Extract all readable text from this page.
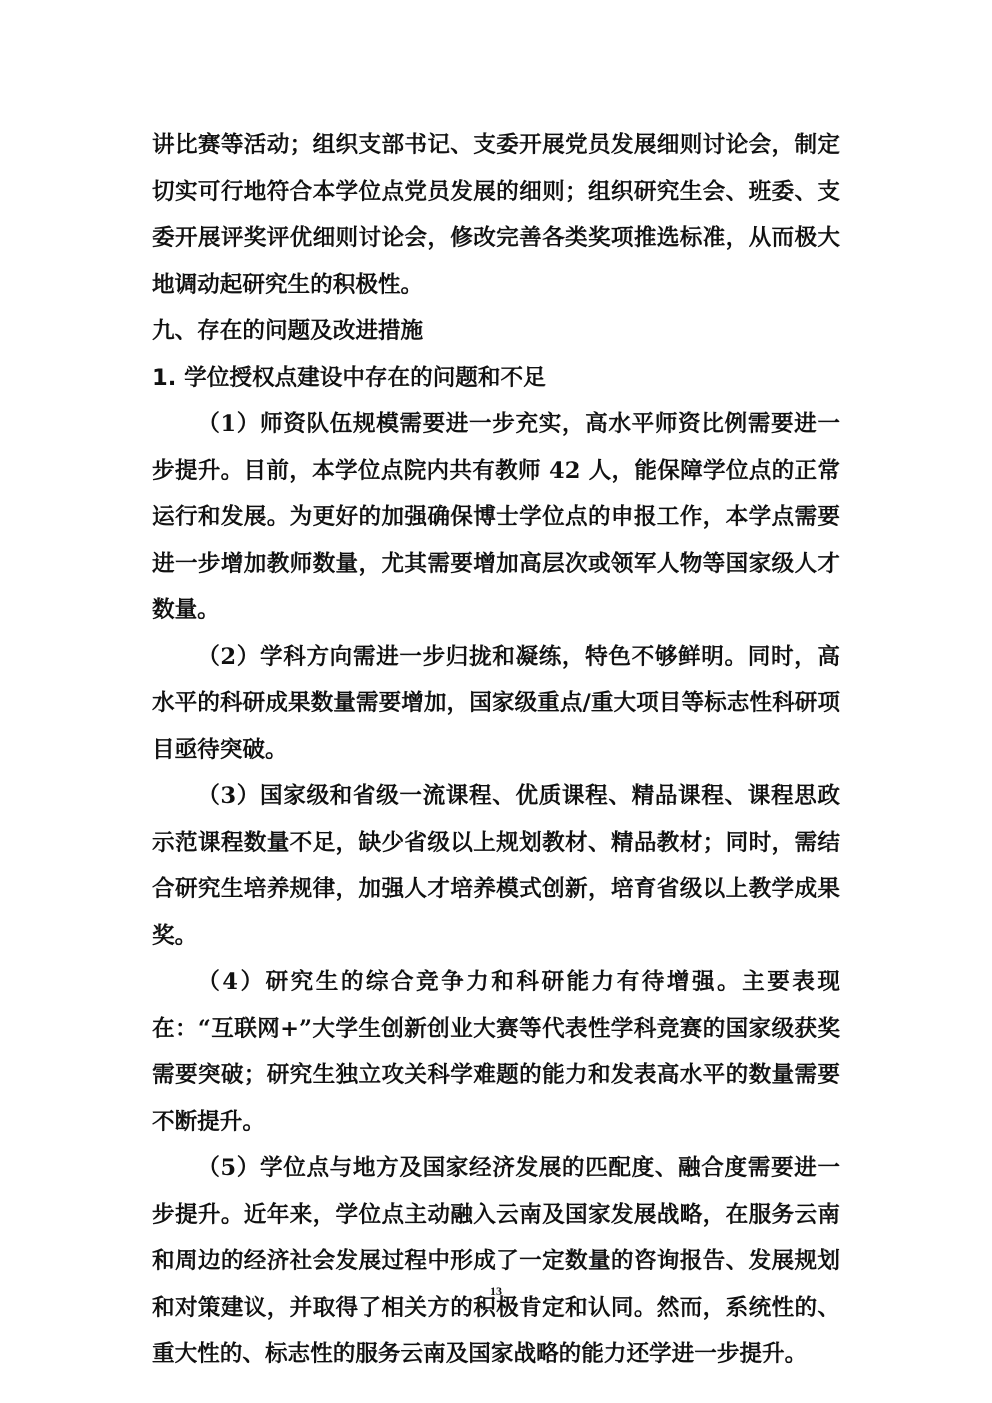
讲比赛等活动；组织支部书记、支委开展党员发展细则讨论会，制定切实可行地符合本学位点党员发展的细则；组织研究生会、班委、支委开展评奖评优细则讨论会，修改完善各类奖项推选标准，从而极大地调动起研究生的积极性。

九、存在的问题及改进措施

1. 学位授权点建设中存在的问题和不足

（1）师资队伍规模需要进一步充实，高水平师资比例需要进一步提升。目前，本学位点院内共有教师 42 人，能保障学位点的正常运行和发展。为更好的加强确保博士学位点的申报工作，本学点需要进一步增加教师数量，尤其需要增加高层次或领军人物等国家级人才数量。

（2）学科方向需进一步归拢和凝练，特色不够鲜明。同时，高水平的科研成果数量需要增加，国家级重点/重大项目等标志性科研项目亟待突破。

（3）国家级和省级一流课程、优质课程、精品课程、课程思政示范课程数量不足，缺少省级以上规划教材、精品教材；同时，需结合研究生培养规律，加强人才培养模式创新，培育省级以上教学成果奖。

（4）研究生的综合竞争力和科研能力有待增强。主要表现在：“互联网+”大学生创新创业大赛等代表性学科竞赛的国家级获奖需要突破；研究生独立攻关科学难题的能力和发表高水平的数量需要不断提升。

（5）学位点与地方及国家经济发展的匹配度、融合度需要进一步提升。近年来，学位点主动融入云南及国家发展战略，在服务云南和周边的经济社会发展过程中形成了一定数量的咨询报告、发展规划和对策建议，并取得了相关方的积极肯定和认同。然而，系统性的、重大性的、标志性的服务云南及国家战略的能力还学进一步提升。

13
